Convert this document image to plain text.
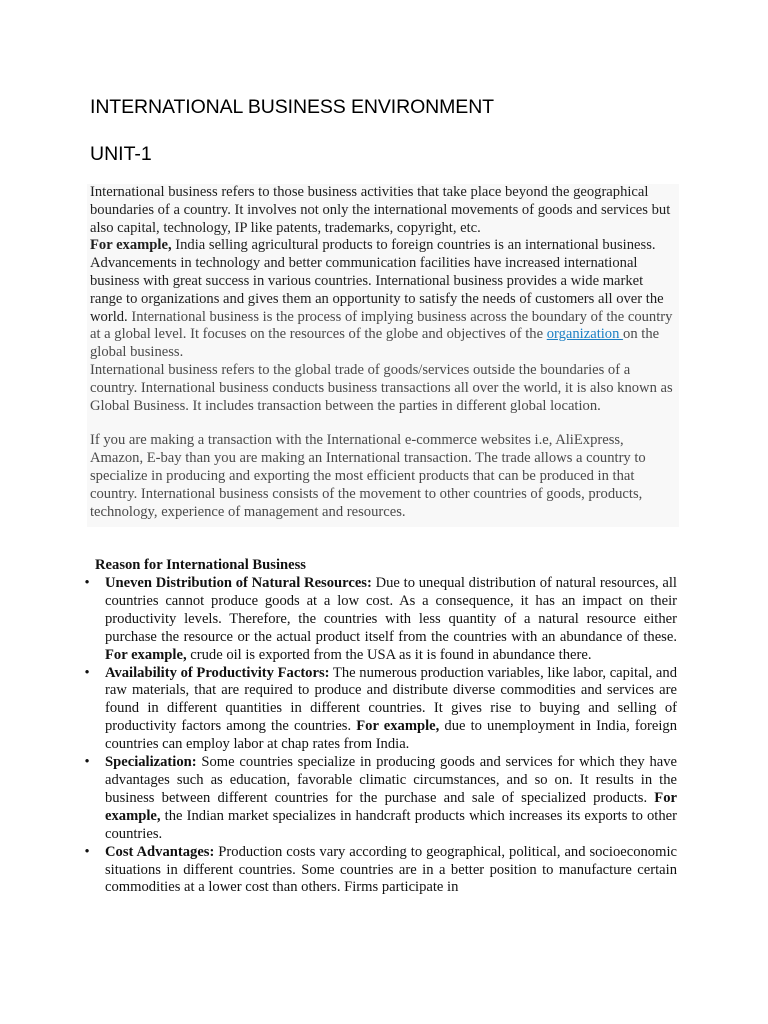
INTERNATIONAL BUSINESS ENVIRONMENT
UNIT-1

International business refers to those business activities that take place beyond the geographical boundaries of a country. It involves not only the international movements of goods and services but also capital, technology, IP like patents, trademarks, copyright, etc.

For example, India selling agricultural products to foreign countries is an international business. Advancements in technology and better communication facilities have increased international business with great success in various countries. International business provides a wide market range to organizations and gives them an opportunity to satisfy the needs of customers all over the world. International business is the process of implying business across the boundary of the country at a global level. It focuses on the resources of the globe and objectives of the organization on the global business.

International business refers to the global trade of goods/services outside the boundaries of a country. International business conducts business transactions all over the world, it is also known as Global Business. It includes transaction between the parties in different global location.

If you are making a transaction with the International e-commerce websites i.e, AliExpress, Amazon, E-bay than you are making an International transaction. The trade allows a country to specialize in producing and exporting the most efficient products that can be produced in that country. International business consists of the movement to other countries of goods, products, technology, experience of management and resources.

Reason for International Business
• Uneven Distribution of Natural Resources: Due to unequal distribution of natural resources, all countries cannot produce goods at a low cost. As a consequence, it has an impact on their productivity levels. Therefore, the countries with less quantity of a natural resource either purchase the resource or the actual product itself from the countries with an abundance of these. For example, crude oil is exported from the USA as it is found in abundance there.
• Availability of Productivity Factors: The numerous production variables, like labor, capital, and raw materials, that are required to produce and distribute diverse commodities and services are found in different quantities in different countries. It gives rise to buying and selling of productivity factors among the countries. For example, due to unemployment in India, foreign countries can employ labor at chap rates from India.
• Specialization: Some countries specialize in producing goods and services for which they have advantages such as education, favorable climatic circumstances, and so on. It results in the business between different countries for the purchase and sale of specialized products. For example, the Indian market specializes in handcraft products which increases its exports to other countries.
• Cost Advantages: Production costs vary according to geographical, political, and socioeconomic situations in different countries. Some countries are in a better position to manufacture certain commodities at a lower cost than others. Firms participate in
